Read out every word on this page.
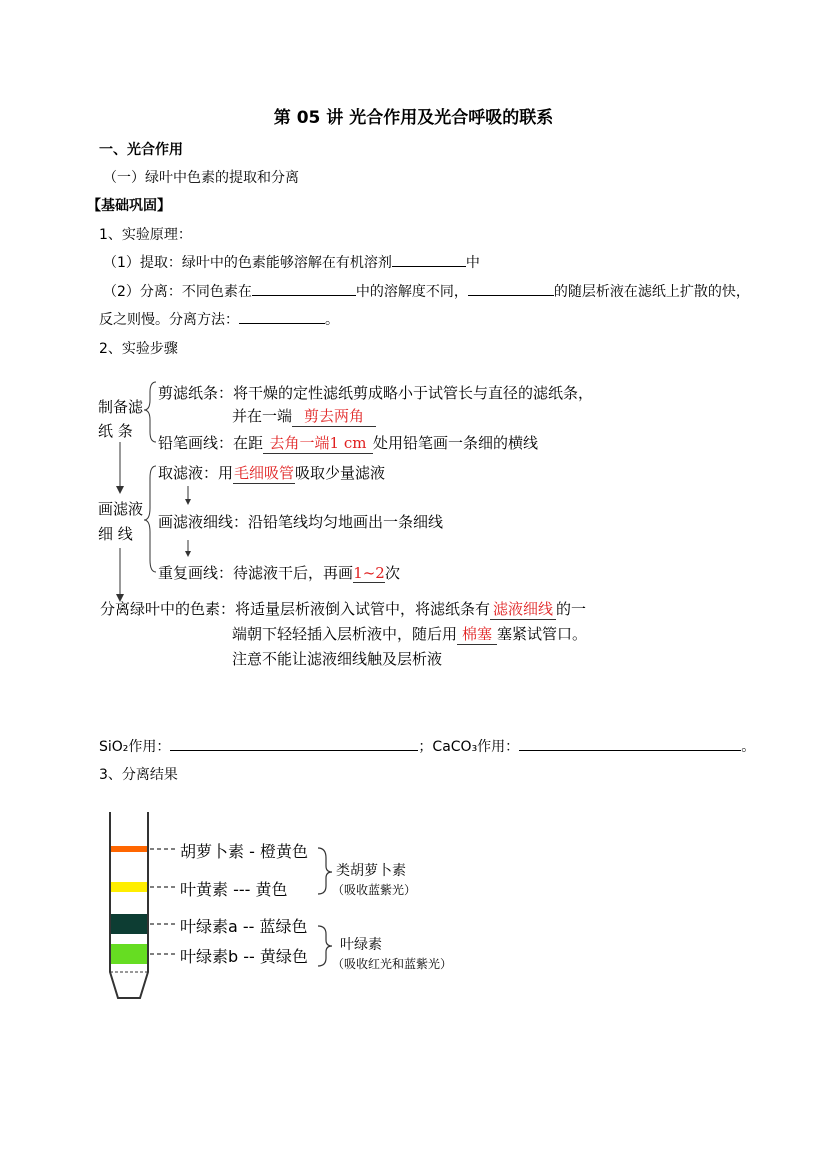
第 05 讲 光合作用及光合呼吸的联系
一、光合作用
（一）绿叶中色素的提取和分离
【基础巩固】
1、实验原理：
（1）提取：绿叶中的色素能够溶解在有机溶剂	中
（2）分离：不同色素在	中的溶解度不同，	的随层析液在滤纸上扩散的快，
反之则慢。分离方法：	。
2、实验步骤
制备滤
纸 条
剪滤纸条：将干燥的定性滤纸剪成略小于试管长与直径的滤纸条，
并在一端 剪去两角
铅笔画线：在距 去角一端1 cm 处用铅笔画一条细的横线
画滤液
细 线
取滤液：用毛细吸管吸取少量滤液
画滤液细线：沿铅笔线均匀地画出一条细线
重复画线：待滤液干后，再画1~2次
分离绿叶中的色素：将适量层析液倒入试管中，将滤纸条有 滤液细线 的一
端朝下轻轻插入层析液中，随后用 棉塞 塞紧试管口。
注意不能让滤液细线触及层析液
SiO₂作用：	；CaCO₃作用：	。
3、分离结果
胡萝卜素 - 橙黄色
叶黄素 --- 黄色
叶绿素a -- 蓝绿色
叶绿素b -- 黄绿色
类胡萝卜素
（吸收蓝紫光）
叶绿素
（吸收红光和蓝紫光）
